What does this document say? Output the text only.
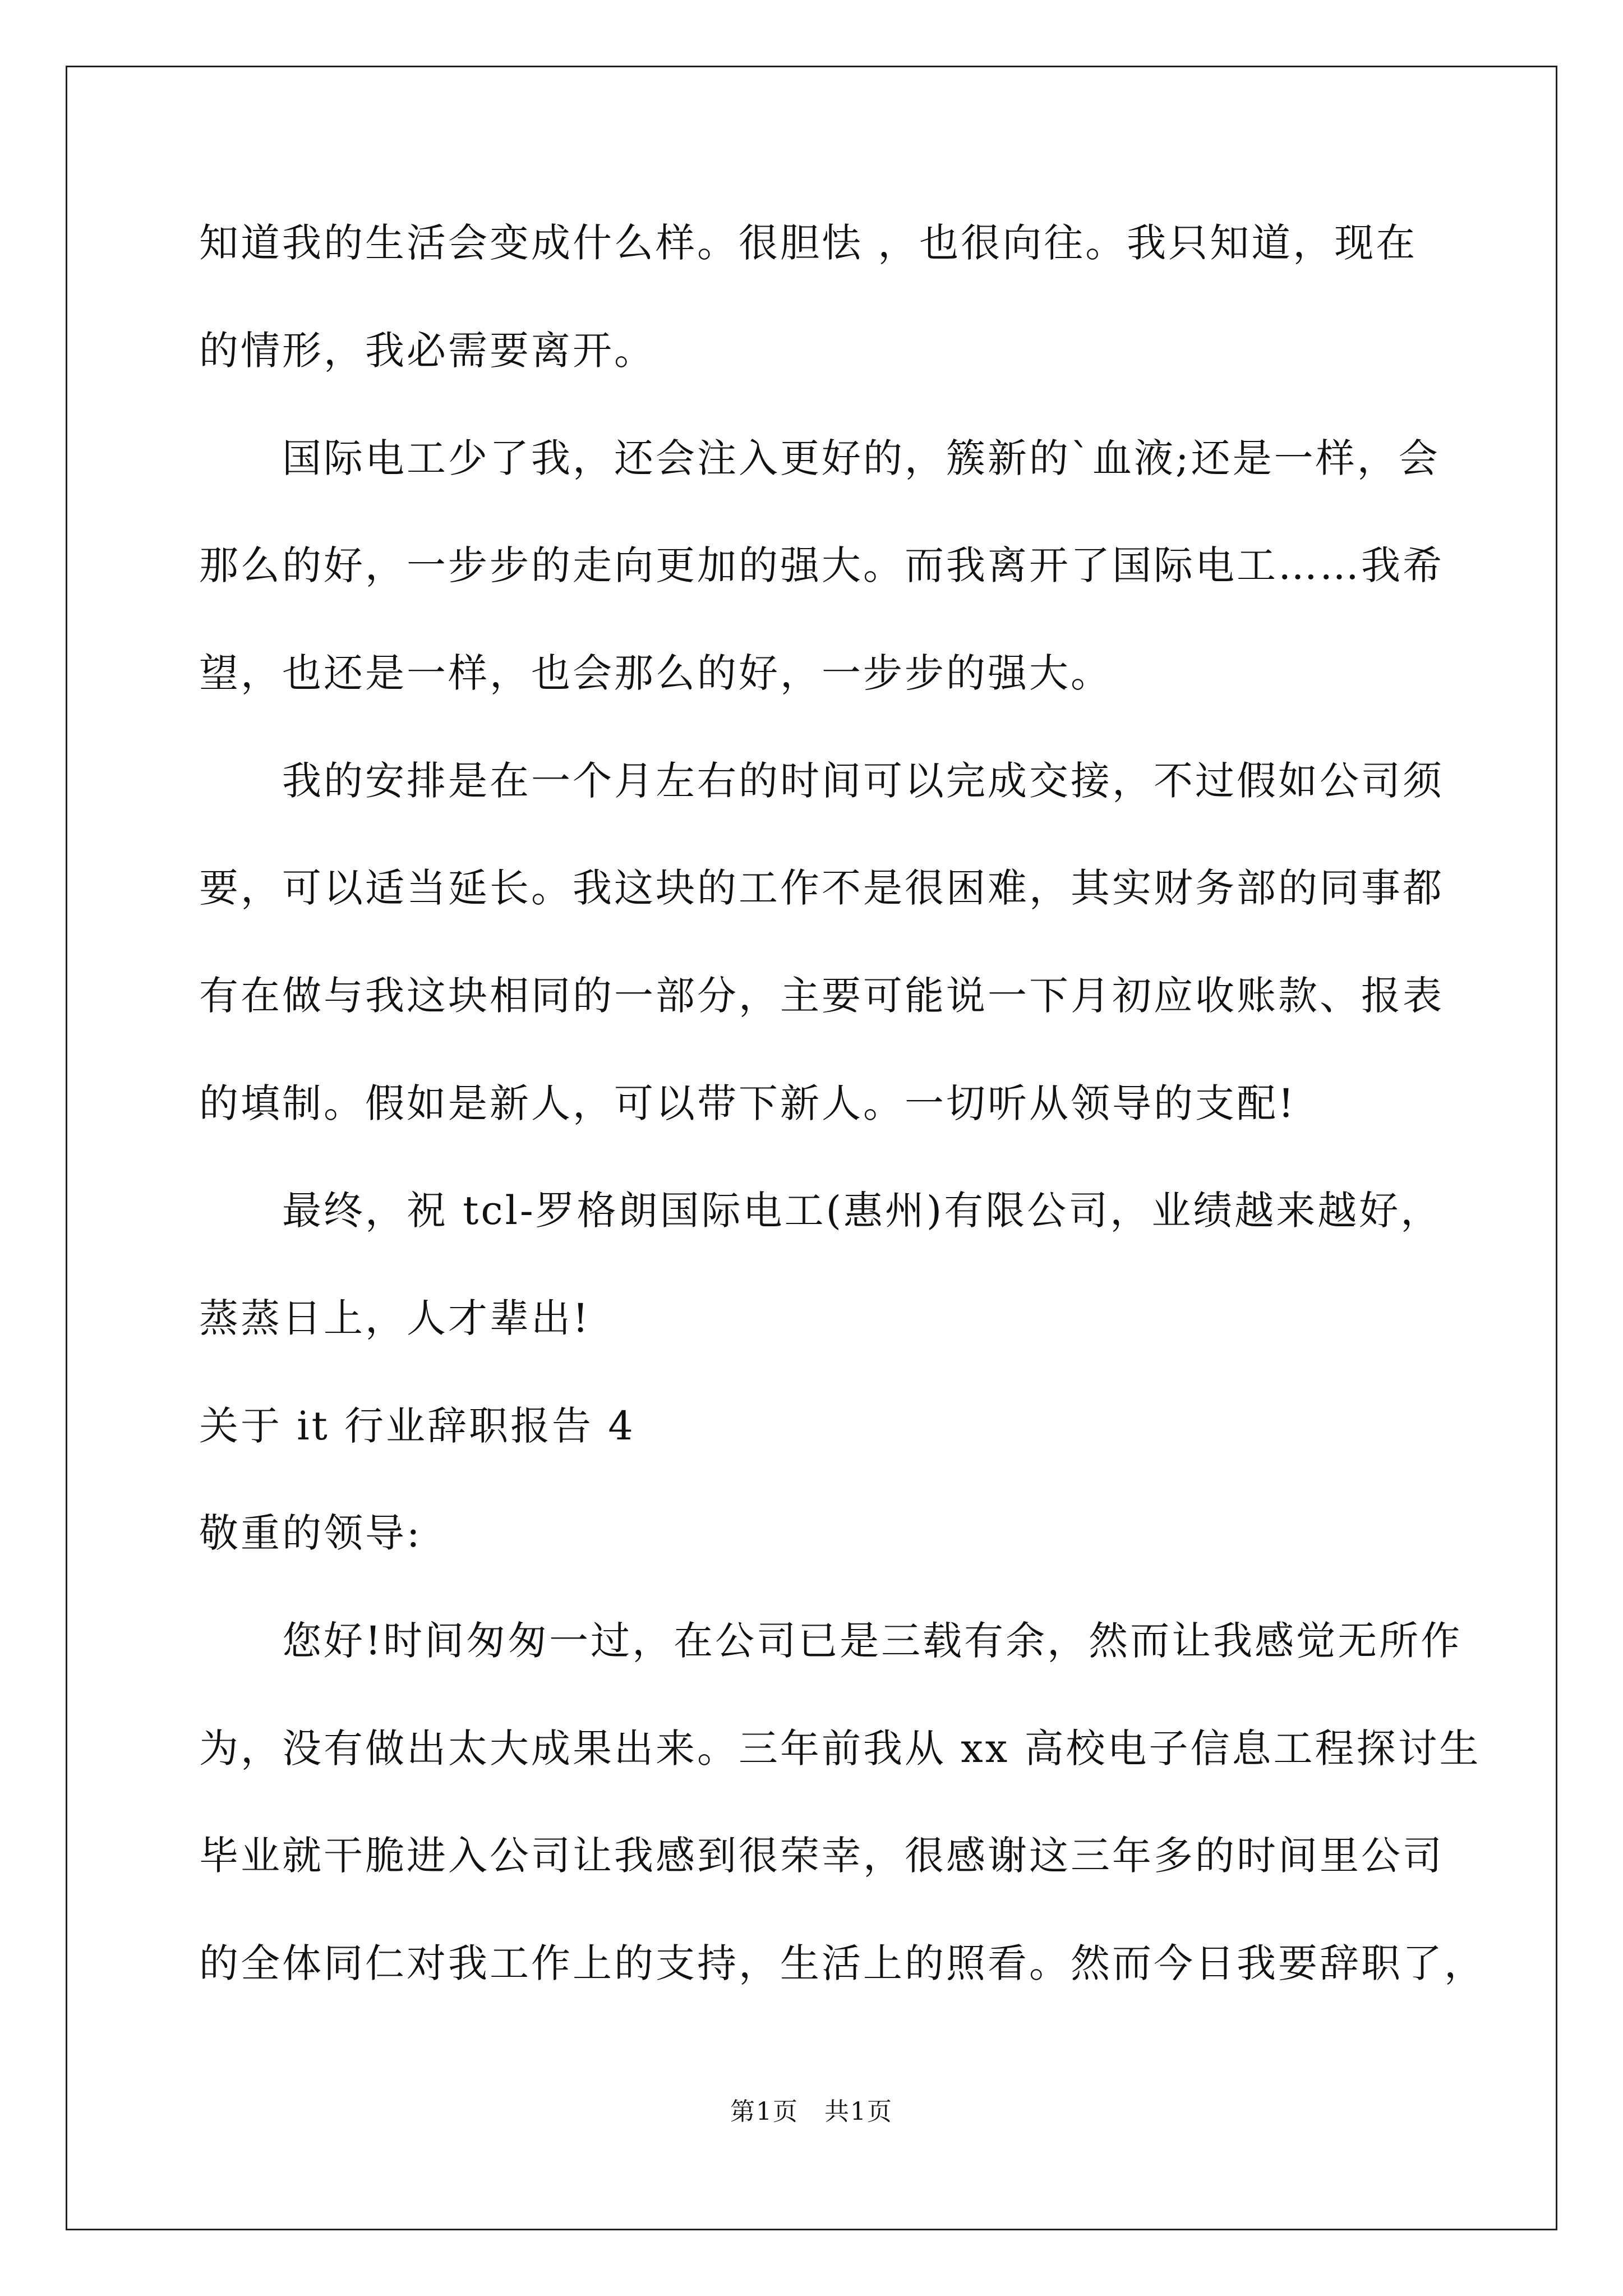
知道我的生活会变成什么样。很胆怯 ，也很向往。我只知道，现在
的情形，我必需要离开。
国际电工少了我，还会注入更好的，簇新的`血液;还是一样，会
那么的好，一步步的走向更加的强大。而我离开了国际电工……我希
望，也还是一样，也会那么的好，一步步的强大。
我的安排是在一个月左右的时间可以完成交接，不过假如公司须
要，可以适当延长。我这块的工作不是很困难，其实财务部的同事都
有在做与我这块相同的一部分，主要可能说一下月初应收账款、报表
的填制。假如是新人，可以带下新人。一切听从领导的支配!
最终，祝 tcl-罗格朗国际电工(惠州)有限公司，业绩越来越好，
蒸蒸日上，人才辈出!
关于 it 行业辞职报告 4
敬重的领导:
您好!时间匆匆一过，在公司已是三载有余，然而让我感觉无所作
为，没有做出太大成果出来。三年前我从 xx 高校电子信息工程探讨生
毕业就干脆进入公司让我感到很荣幸，很感谢这三年多的时间里公司
的全体同仁对我工作上的支持，生活上的照看。然而今日我要辞职了，
第1页　共1页
